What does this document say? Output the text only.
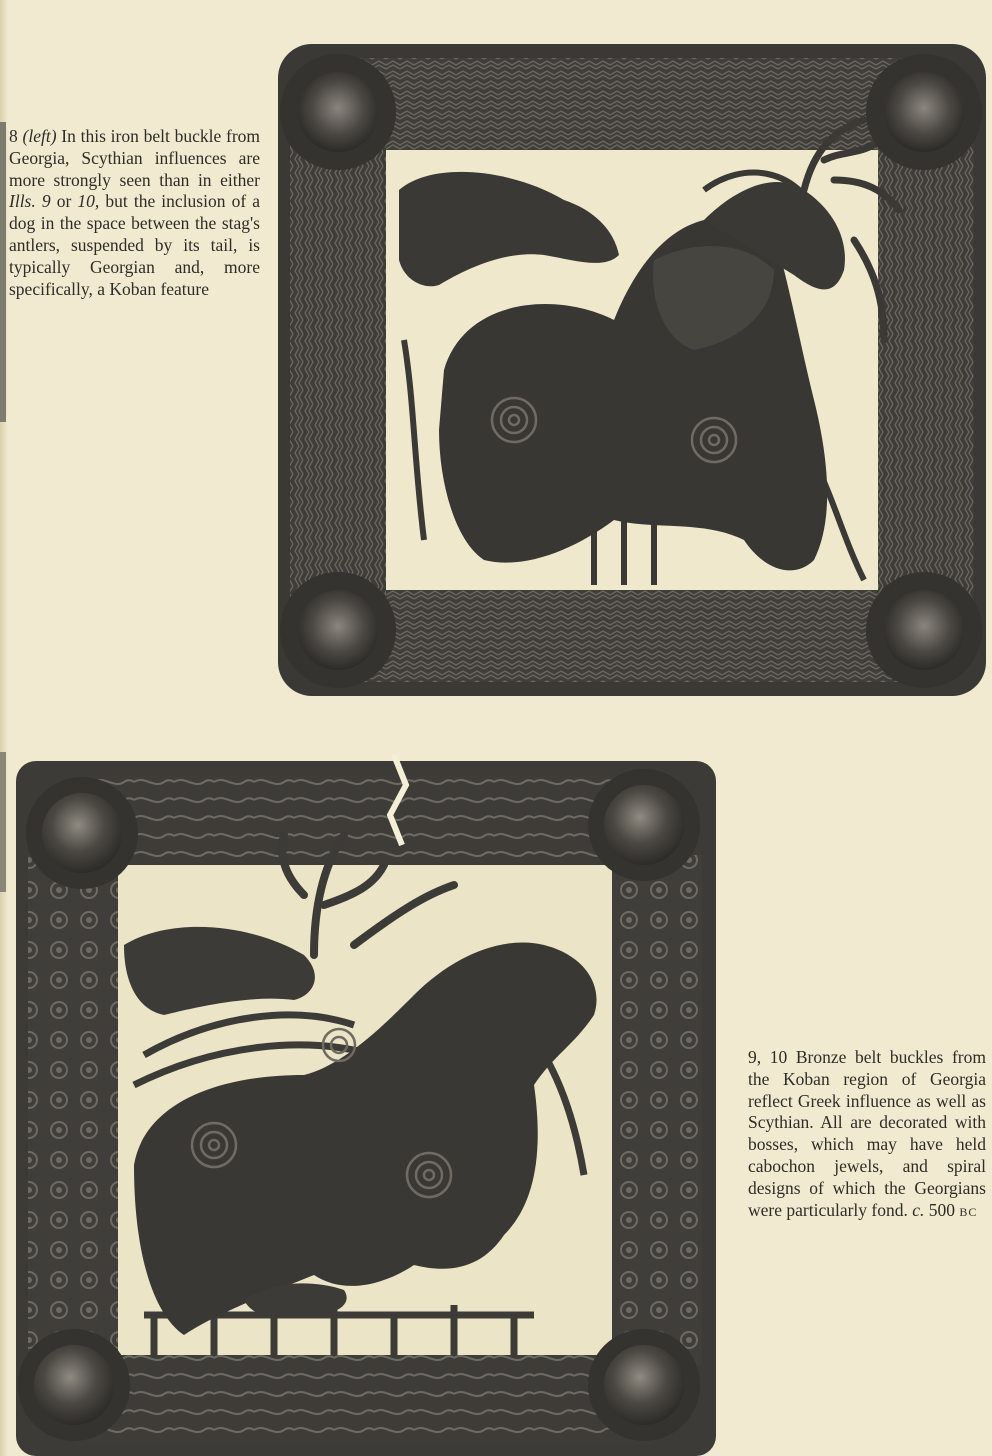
8 (left) In this iron belt buckle from Georgia, Scythian influences are more strongly seen than in either Ills. 9 or 10, but the inclusion of a dog in the space between the stag's antlers, suspended by its tail, is typically Georgian and, more specifically, a Koban feature

9, 10 Bronze belt buckles from the Koban region of Georgia reflect Greek influence as well as Scythian. All are decorated with bosses, which may have held cabochon jewels, and spiral designs of which the Georgians were particularly fond. c. 500 BC
